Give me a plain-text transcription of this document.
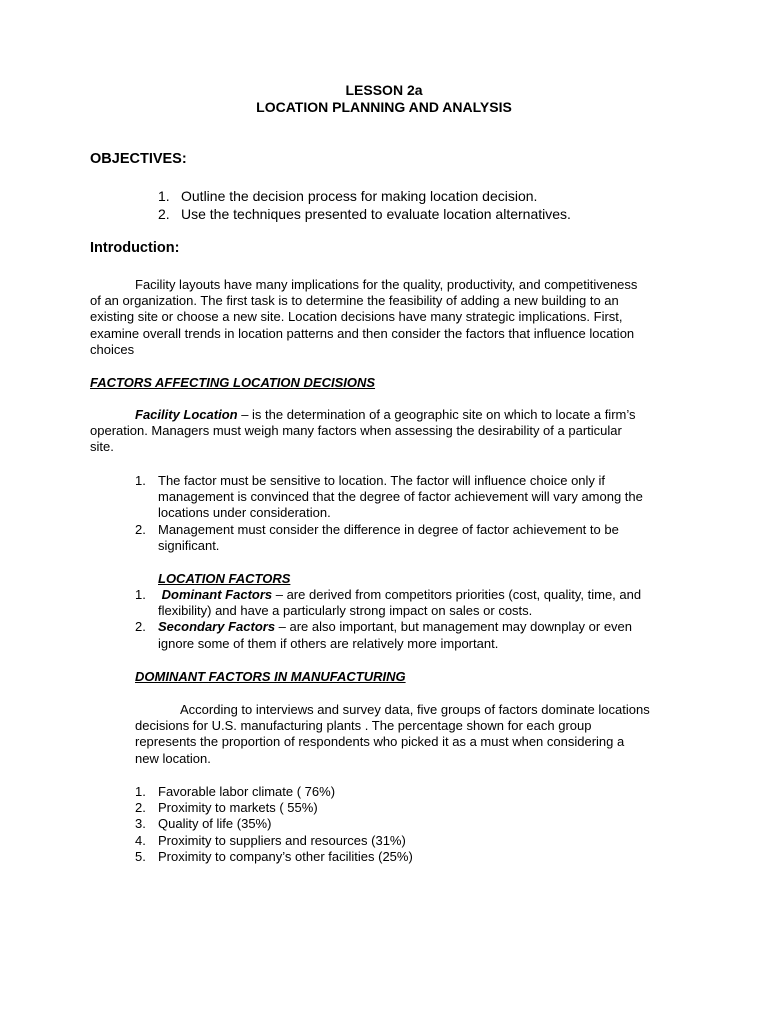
LESSON 2a
LOCATION PLANNING AND ANALYSIS
OBJECTIVES:
1. Outline the decision process for making location decision.
2. Use the techniques presented to evaluate location alternatives.
Introduction:
Facility layouts have many implications for the quality, productivity, and competitiveness
of an organization. The first task is to determine the feasibility of adding a new building to an
existing site or choose a new site. Location decisions have many strategic implications. First,
examine overall trends in location patterns and then consider the factors that influence location
choices
FACTORS AFFECTING LOCATION DECISIONS
Facility Location – is the determination of a geographic site on which to locate a firm’s
operation. Managers must weigh many factors when assessing the desirability of a particular
site.
1. The factor must be sensitive to location. The factor will influence choice only if
management is convinced that the degree of factor achievement will vary among the
locations under consideration.
2. Management must consider the difference in degree of factor achievement to be
significant.
LOCATION FACTORS
1. Dominant Factors – are derived from competitors priorities (cost, quality, time, and
flexibility) and have a particularly strong impact on sales or costs.
2. Secondary Factors – are also important, but management may downplay or even
ignore some of them if others are relatively more important.
DOMINANT FACTORS IN MANUFACTURING
According to interviews and survey data, five groups of factors dominate locations
decisions for U.S. manufacturing plants . The percentage shown for each group
represents the proportion of respondents who picked it as a must when considering a
new location.
1. Favorable labor climate ( 76%)
2. Proximity to markets ( 55%)
3. Quality of life (35%)
4. Proximity to suppliers and resources (31%)
5. Proximity to company’s other facilities (25%)
